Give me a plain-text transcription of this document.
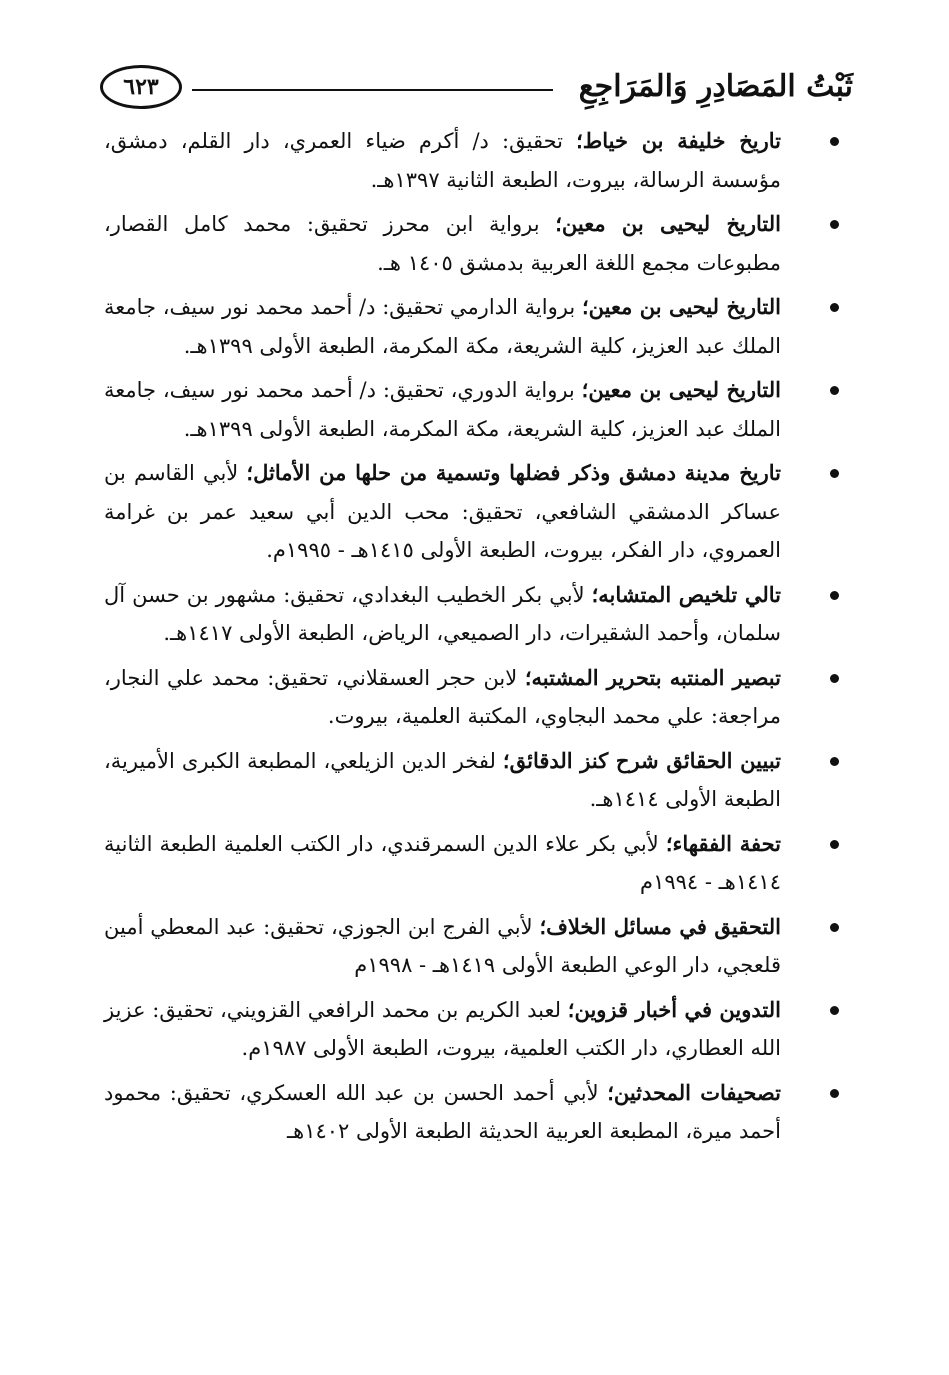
ثَبْتُ المَصَادِرِ وَالمَرَاجِعِ
٦٢٣
تاريخ خليفة بن خياط؛ تحقيق: د/ أكرم ضياء العمري، دار القلم، دمشق، مؤسسة الرسالة، بيروت، الطبعة الثانية ١٣٩٧هـ.
التاريخ ليحيى بن معين؛ برواية ابن محرز تحقيق: محمد كامل القصار، مطبوعات مجمع اللغة العربية بدمشق ١٤٠٥ هـ.
التاريخ ليحيى بن معين؛ برواية الدارمي تحقيق: د/ أحمد محمد نور سيف، جامعة الملك عبد العزيز، كلية الشريعة، مكة المكرمة، الطبعة الأولى ١٣٩٩هـ.
التاريخ ليحيى بن معين؛ برواية الدوري، تحقيق: د/ أحمد محمد نور سيف، جامعة الملك عبد العزيز، كلية الشريعة، مكة المكرمة، الطبعة الأولى ١٣٩٩هـ.
تاريخ مدينة دمشق وذكر فضلها وتسمية من حلها من الأماثل؛ لأبي القاسم بن عساكر الدمشقي الشافعي، تحقيق: محب الدين أبي سعيد عمر بن غرامة العمروي، دار الفكر، بيروت، الطبعة الأولى ١٤١٥هـ - ١٩٩٥م.
تالي تلخيص المتشابه؛ لأبي بكر الخطيب البغدادي، تحقيق: مشهور بن حسن آل سلمان، وأحمد الشقيرات، دار الصميعي، الرياض، الطبعة الأولى ١٤١٧هـ.
تبصير المنتبه بتحرير المشتبه؛ لابن حجر العسقلاني، تحقيق: محمد علي النجار، مراجعة: علي محمد البجاوي، المكتبة العلمية، بيروت.
تبيين الحقائق شرح كنز الدقائق؛ لفخر الدين الزيلعي، المطبعة الكبرى الأميرية، الطبعة الأولى ١٤١٤هـ.
تحفة الفقهاء؛ لأبي بكر علاء الدين السمرقندي، دار الكتب العلمية الطبعة الثانية ١٤١٤هـ - ١٩٩٤م
التحقيق في مسائل الخلاف؛ لأبي الفرج ابن الجوزي، تحقيق: عبد المعطي أمين قلعجي، دار الوعي الطبعة الأولى ١٤١٩هـ - ١٩٩٨م
التدوين في أخبار قزوين؛ لعبد الكريم بن محمد الرافعي القزويني، تحقيق: عزيز الله العطاري، دار الكتب العلمية، بيروت، الطبعة الأولى ١٩٨٧م.
تصحيفات المحدثين؛ لأبي أحمد الحسن بن عبد الله العسكري، تحقيق: محمود أحمد ميرة، المطبعة العربية الحديثة الطبعة الأولى ١٤٠٢هـ
